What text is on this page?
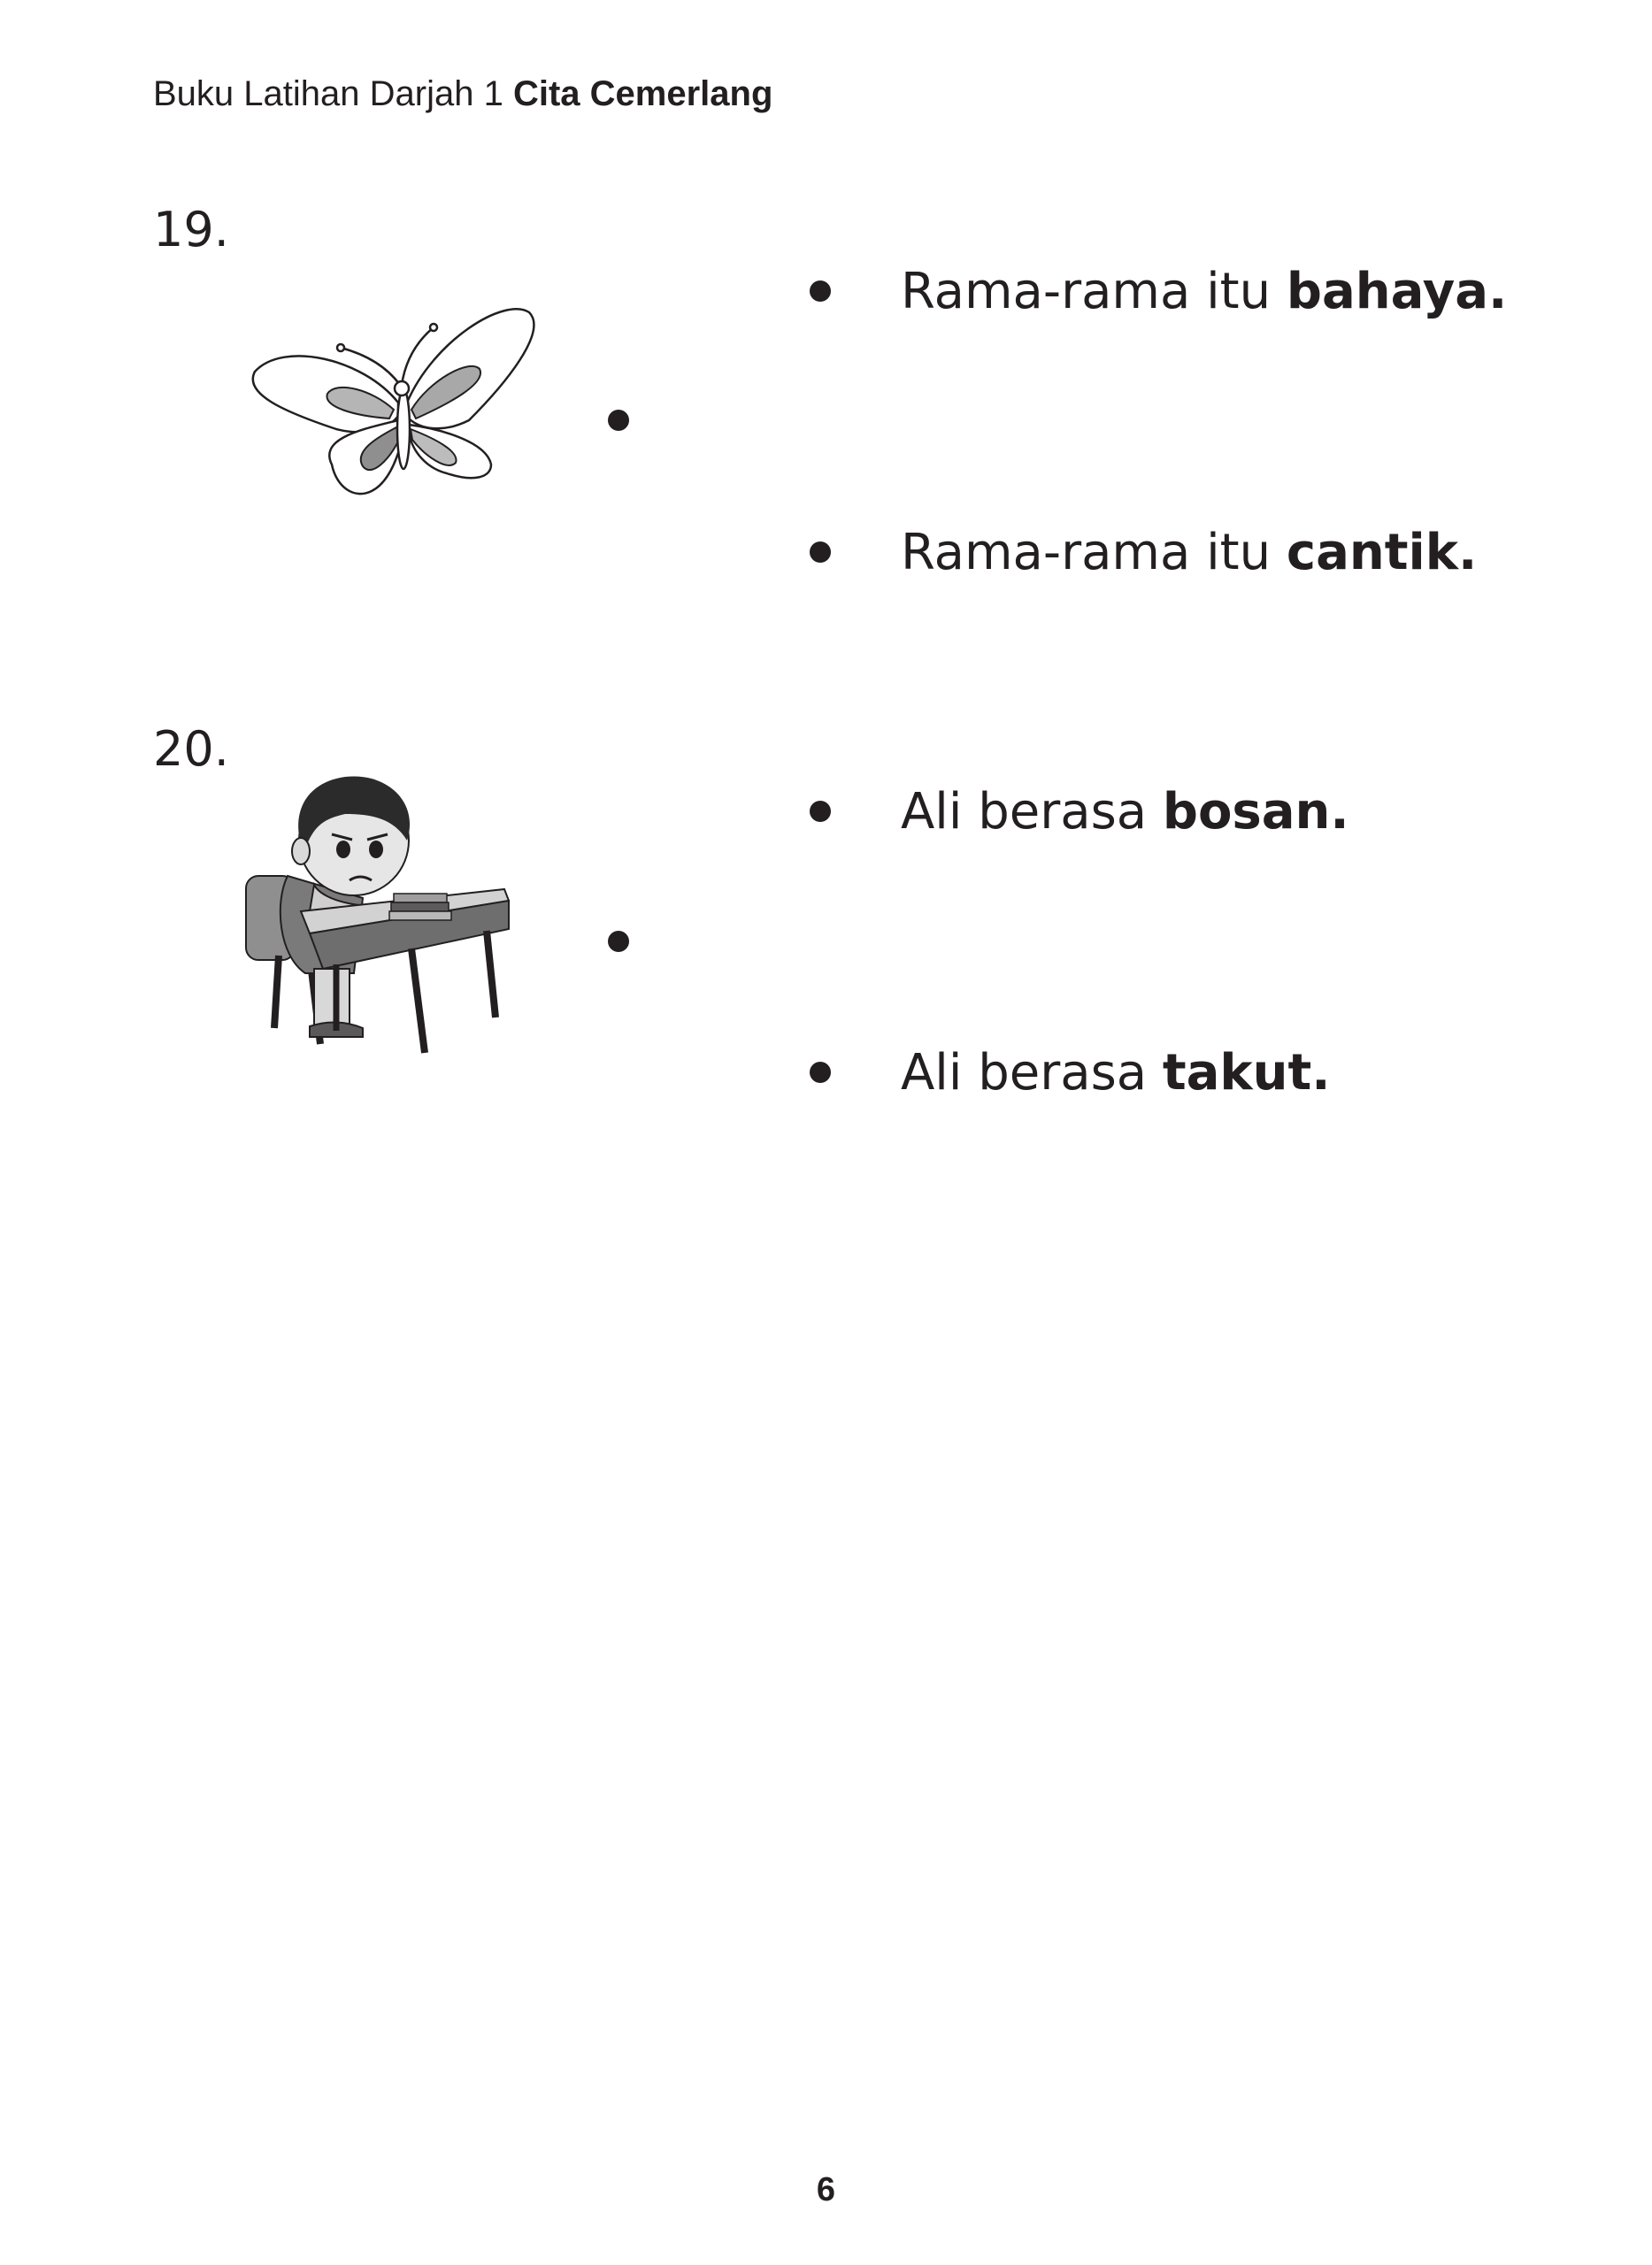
Buku Latihan Darjah 1 Cita Cemerlang
19.
Rama-rama itu bahaya.
Rama-rama itu cantik.
20.
Ali berasa bosan.
Ali berasa takut.
6
